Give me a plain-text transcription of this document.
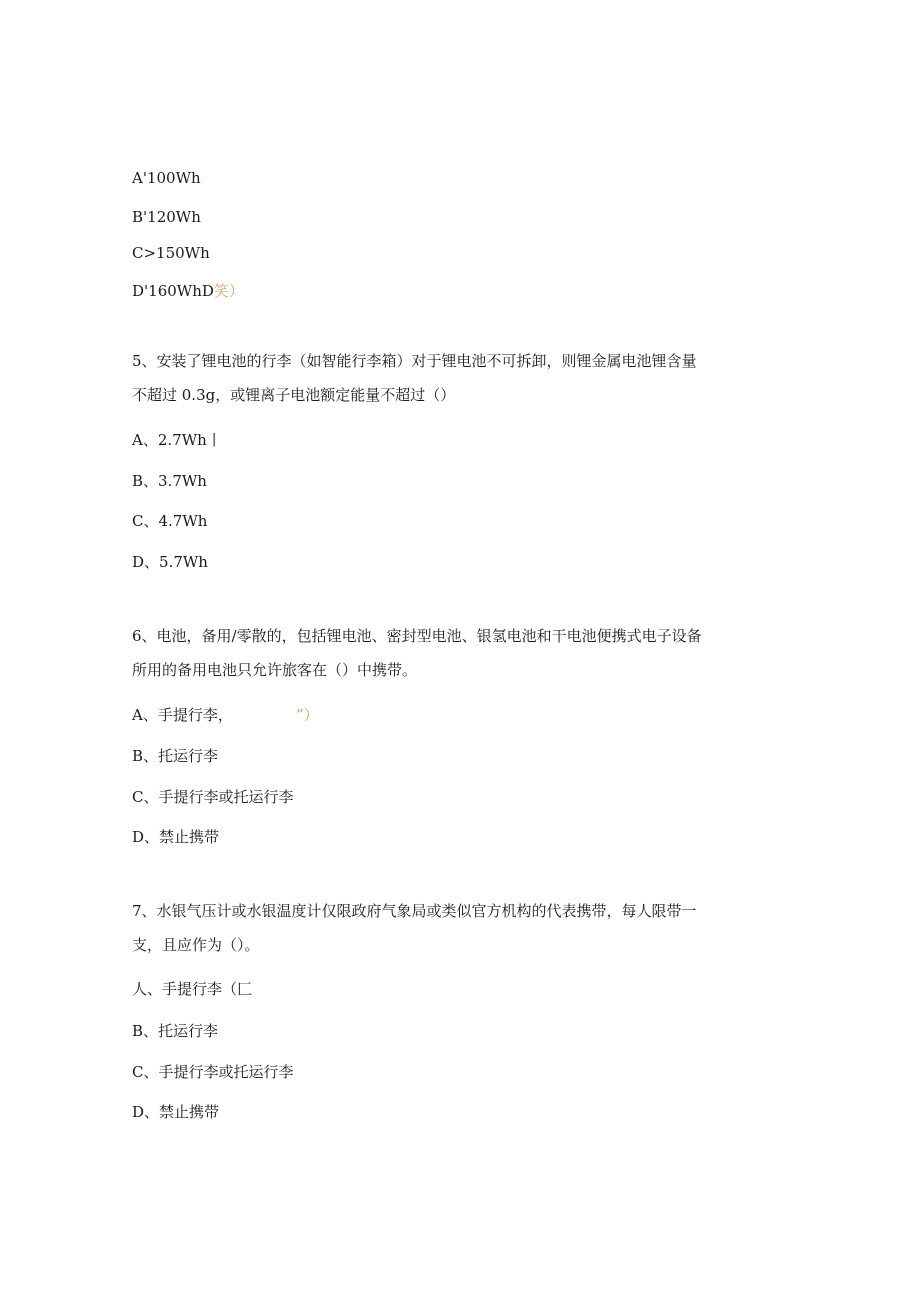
A'100Wh
B'120Wh
C>150Wh
D'160WhD笑）
5、安装了锂电池的行李（如智能行李箱）对于锂电池不可拆卸，则锂金属电池锂含量
不超过 0.3g，或锂离子电池额定能量不超过（）
A、2.7Wh丨
B、3.7Wh
C、4.7Wh
D、5.7Wh
6、电池，备用/零散的，包括锂电池、密封型电池、银氢电池和干电池便携式电子设备
所用的备用电池只允许旅客在（）中携带。
A、手提行李，	”）
B、托运行李
C、手提行李或托运行李
D、禁止携带
7、水银气压计或水银温度计仅限政府气象局或类似官方机构的代表携带，每人限带一
支，且应作为（）。
人、手提行李（匚
B、托运行李
C、手提行李或托运行李
D、禁止携带
